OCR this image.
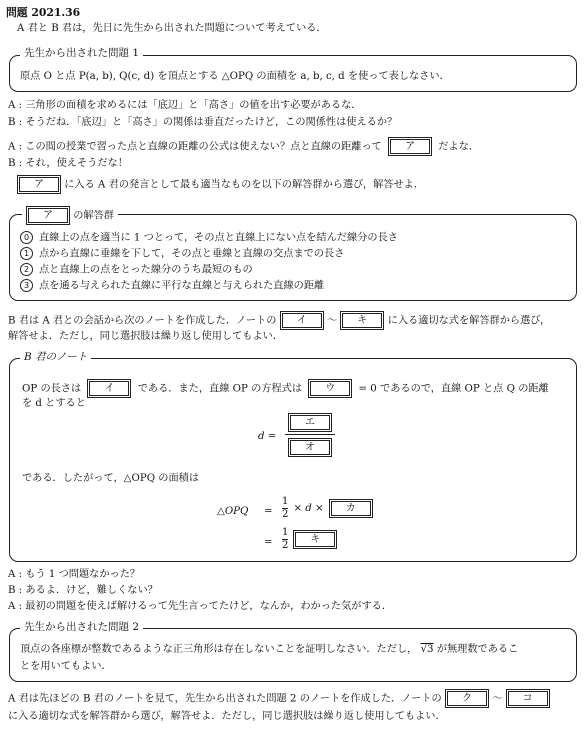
問題 2021.36
A 君と B 君は，先日に先生から出された問題について考えている．
先生から出された問題 1
原点 O と点 P(a, b), Q(c, d) を頂点とする △OPQ の面積を a, b, c, d を使って表しなさい．
A : 三角形の面積を求めるには「底辺」と「高さ」の値を出す必要があるな．
B : そうだね．「底辺」と「高さ」の関係は垂直だったけど，この関係性は使えるか？
A : この間の授業で習った点と直線の距離の公式は使えない？点と直線の距離って	ア	だよな．
B : それ，使えそうだな！
ア	に入る A 君の発言として最も適当なものを以下の解答群から選び，解答せよ．
ア	の解答群
0 直線上の点を適当に 1 つとって，その点と直線上にない点を結んだ線分の長さ
1 点から直線に垂線を下して，その点と垂線と直線の交点までの長さ
2 点と直線上の点をとった線分のうち最短のもの
3 点を通る与えられた直線に平行な直線と与えられた直線の距離
B 君は A 君との会話から次のノートを作成した．ノートの	イ	〜	キ	に入る適切な式を解答群から選び，
解答せよ．ただし，同じ選択肢は繰り返し使用してもよい．
B 君のノート
OP の長さは	イ	である．また，直線 OP の方程式は	ウ	= 0 であるので，直線 OP と点 Q の距離
を d とすると
d =
エ
オ
である．したがって，△OPQ の面積は
△OPQ = $\frac{1}{2} \times d$ ×	カ
= $\frac{1}{2}$
	キ
A : もう 1 つ問題なかった？
B : あるよ．けど，難しくない？
A : 最初の問題を使えば解けるって先生言ってたけど，なんか，わかった気がする．
先生から出された問題 2
頂点の各座標が整数であるような正三角形は存在しないことを証明しなさい．ただし， √3 が無理数であるこ
とを用いてもよい．
A 君は先ほどの B 君のノートを見て，先生から出された問題 2 のノートを作成した．ノートの	ク	〜	コ
に入る適切な式を解答群から選び，解答せよ．ただし，同じ選択肢は繰り返し使用してもよい．
